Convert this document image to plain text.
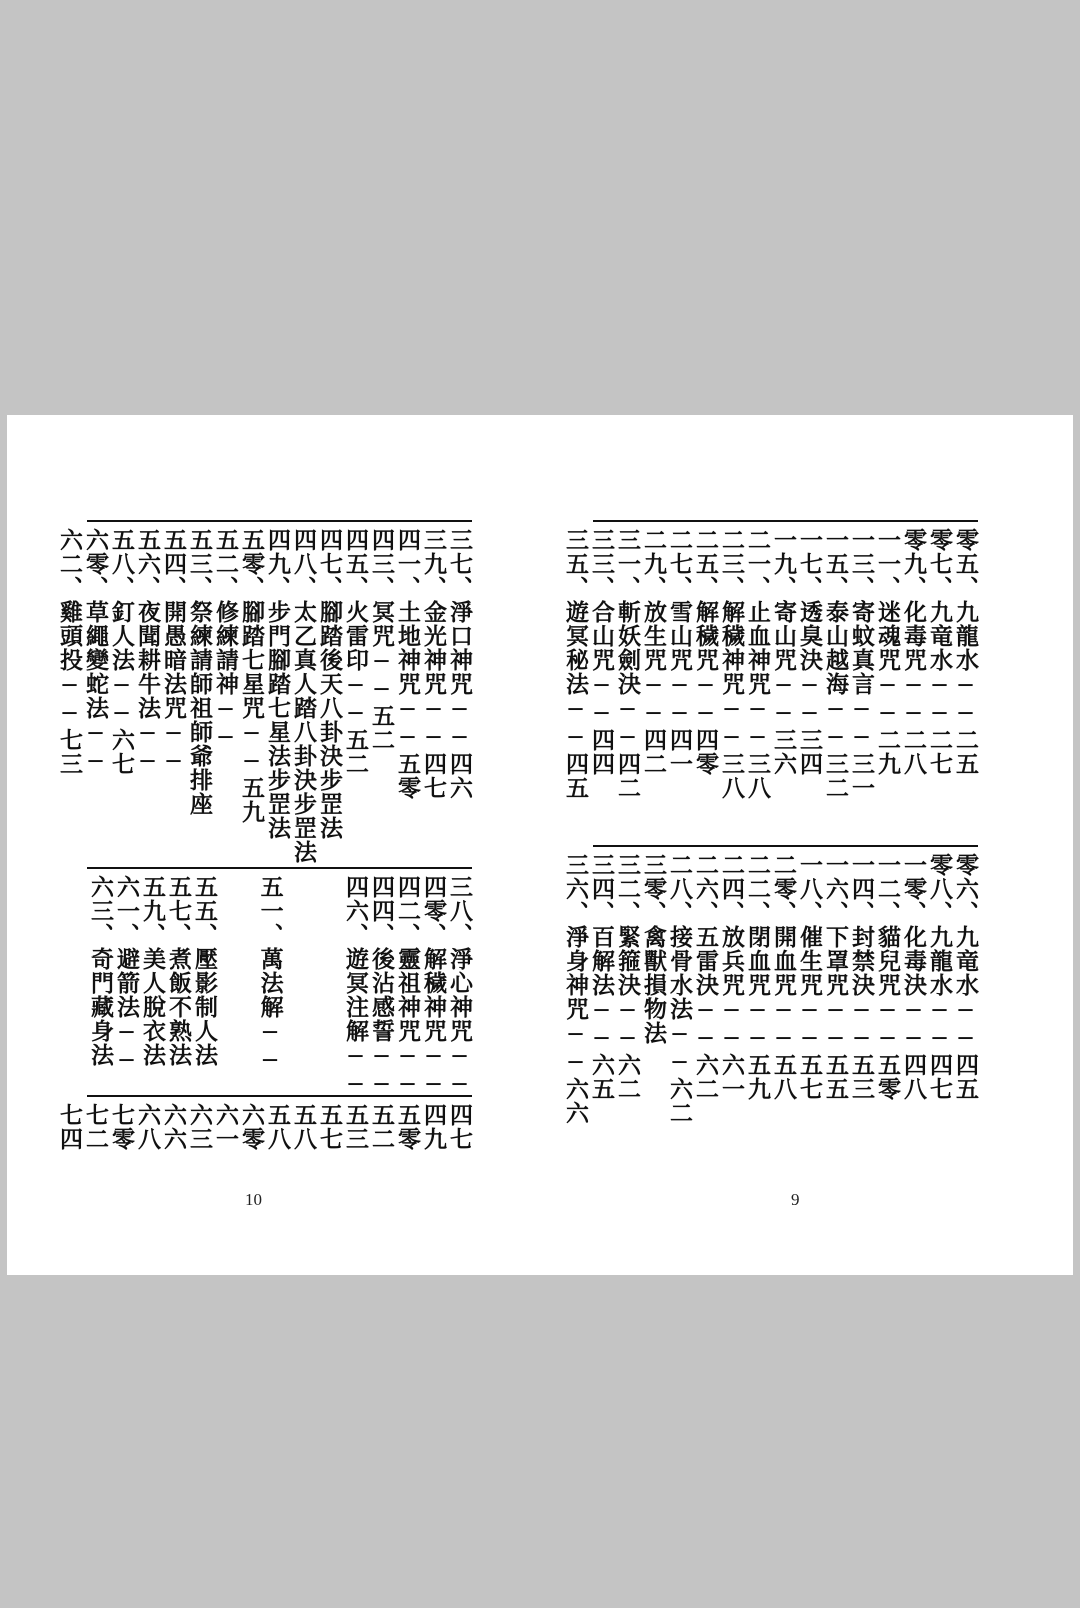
三七、淨口神咒──四六
三九、金光神咒──四七
四一、土地神咒──五零
四三、冥咒──五二
四五、火雷印──五二
四七、腳踏後天八卦決步罡法
四八、太乙真人踏八卦決步罡法
四九、步門腳踏七星法步罡法
五零、腳踏七星咒──五九
五二、修練請神──
五三、祭練請師祖師爺排座
五四、開愚暗法咒──
五六、夜聞耕牛法──
五八、釘人法──六七
六零、草繩變蛇法──
六二、雞頭投──七三
三八、淨心神咒──
四零、解穢神咒──
四二、靈祖神咒──
四四、後沾感誓──
四六、遊冥注解──
五一、萬法解──
五五、壓影制人法
五七、煮飯不熟法
五九、美人脫衣法
六一、避箭法──
六三、奇門藏身法
四七
四九
五零
五二
五三
五七
五八
五八
六零
六一
六三
六六
六八
七零
七二
七四
10
零五、九龍水──二五
零七、九竜水──二七
零九、化毒咒──二八
一一、迷魂咒──二九
一三、寄蚊真言──三一
一五、泰山越海──三二
一七、透臭決──三四
一九、寄山咒──三六
二一、止血神咒──三八
二三、解穢神咒──三八
二五、解穢咒──四零
二七、雪山咒──四一
二九、放生咒──四二
三一、斬妖劍決──四二
三三、合山咒──四四
三五、遊冥秘法──四五
零六、九竜水──四五
零八、九龍水──四七
一零、化毒決──四八
一二、貓兒咒──五零
一四、封禁決──五三
一六、下罩咒──五五
一八、催生咒──五七
二零、開血咒──五八
二二、閉血咒──五九
二四、放兵咒──六一
二六、五雷決──六二
二八、接骨水法──六二
三零、禽獸損物法
三二、緊箍決──六二
三四、百解法──六五
三六、淨身神咒──六六
9
